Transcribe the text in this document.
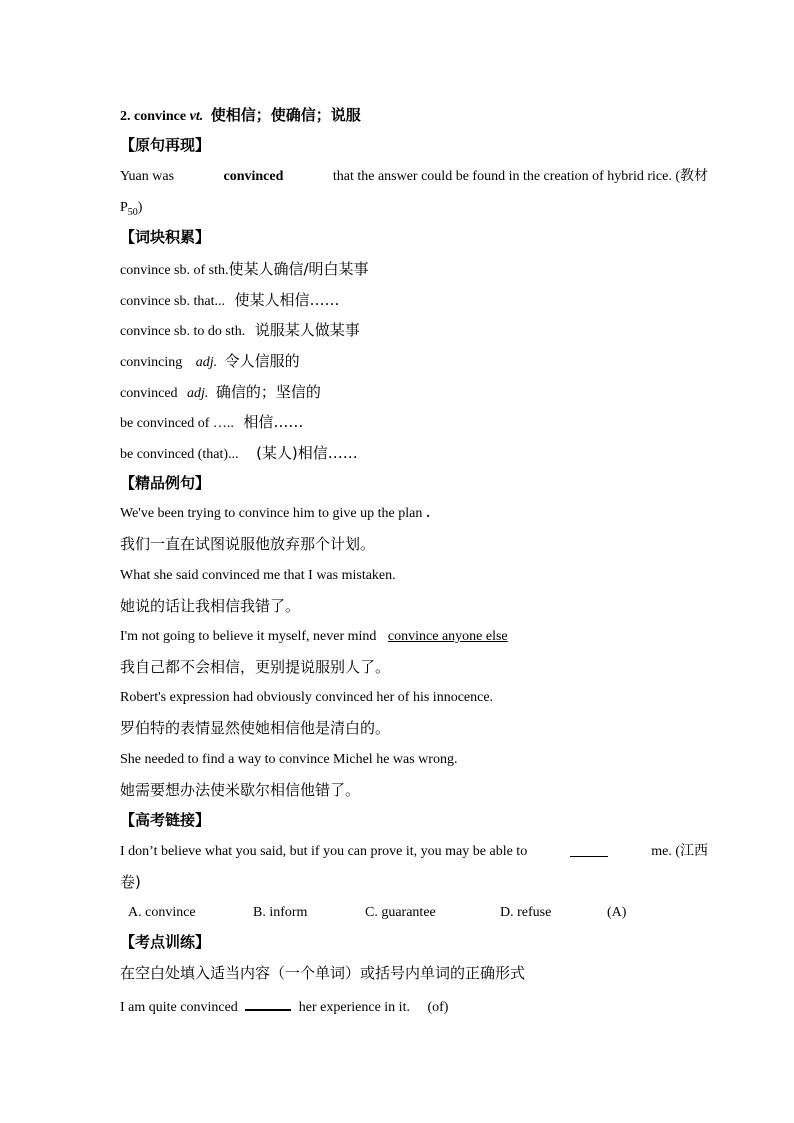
2. convince vt. 使相信；使确信；说服
【原句再现】
Yuan was	convinced	that the answer could be found in the creation of hybrid rice. (教材
$P_{50}$)
【词块积累】
convince sb. of sth.使某人确信/明白某事
convince sb. that... 使某人相信……
convince sb. to do sth. 说服某人做某事
convincing adj. 令人信服的
convinced adj. 确信的；坚信的
be convinced of ….. 相信……
be convinced (that)... (某人)相信……
【精品例句】
We've been trying to convince him to give up the plan .
我们一直在试图说服他放弃那个计划。
What she said convinced me that I was mistaken.
她说的话让我相信我错了。
I'm not going to believe it myself, never mind convince anyone else
我自己都不会相信，更别提说服别人了。
Robert's expression had obviously convinced her of his innocence.
罗伯特的表情显然使她相信他是清白的。
She needed to find a way to convince Michel he was wrong.
她需要想办法使米歇尔相信他错了。
【高考链接】
I don’t believe what you said, but if you can prove it, you may be able to	me. (江西
卷)
A. convince	B. inform	C. guarantee	D. refuse	(A)
【考点训练】
在空白处填入适当内容（一个单词）或括号内单词的正确形式
I am quite convinced	her experience in it. (of)
